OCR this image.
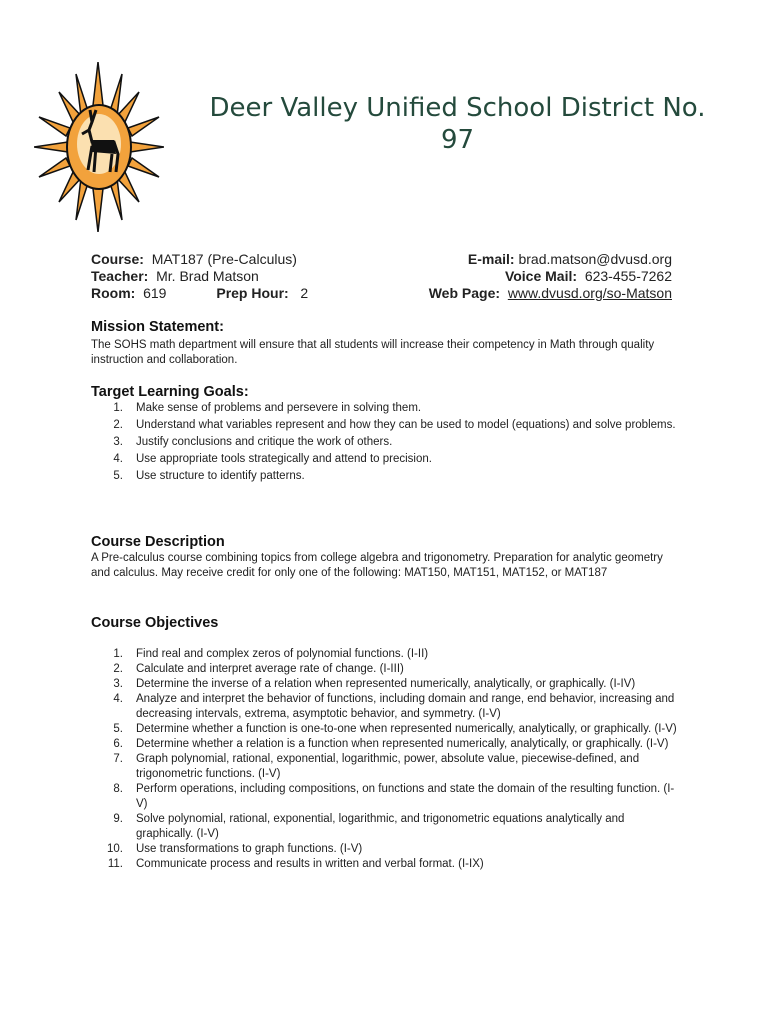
Deer Valley Unified School District No. 97
Course: MAT187 (Pre-Calculus)
Teacher: Mr. Brad Matson
Room: 619	Prep Hour: 2
E-mail: brad.matson@dvusd.org
Voice Mail: 623-455-7262
Web Page: www.dvusd.org/so-Matson
Mission Statement:
The SOHS math department will ensure that all students will increase their competency in Math through quality instruction and collaboration.
Target Learning Goals:
1. Make sense of problems and persevere in solving them.
2. Understand what variables represent and how they can be used to model (equations) and solve problems.
3. Justify conclusions and critique the work of others.
4. Use appropriate tools strategically and attend to precision.
5. Use structure to identify patterns.
Course Description
A Pre-calculus course combining topics from college algebra and trigonometry. Preparation for analytic geometry and calculus. May receive credit for only one of the following: MAT150, MAT151, MAT152, or MAT187
Course Objectives
1. Find real and complex zeros of polynomial functions. (I-II)
2. Calculate and interpret average rate of change. (I-III)
3. Determine the inverse of a relation when represented numerically, analytically, or graphically. (I-IV)
4. Analyze and interpret the behavior of functions, including domain and range, end behavior, increasing and decreasing intervals, extrema, asymptotic behavior, and symmetry. (I-V)
5. Determine whether a function is one-to-one when represented numerically, analytically, or graphically. (I-V)
6. Determine whether a relation is a function when represented numerically, analytically, or graphically. (I-V)
7. Graph polynomial, rational, exponential, logarithmic, power, absolute value, piecewise-defined, and trigonometric functions. (I-V)
8. Perform operations, including compositions, on functions and state the domain of the resulting function. (I-V)
9. Solve polynomial, rational, exponential, logarithmic, and trigonometric equations analytically and graphically. (I-V)
10. Use transformations to graph functions. (I-V)
11. Communicate process and results in written and verbal format. (I-IX)
